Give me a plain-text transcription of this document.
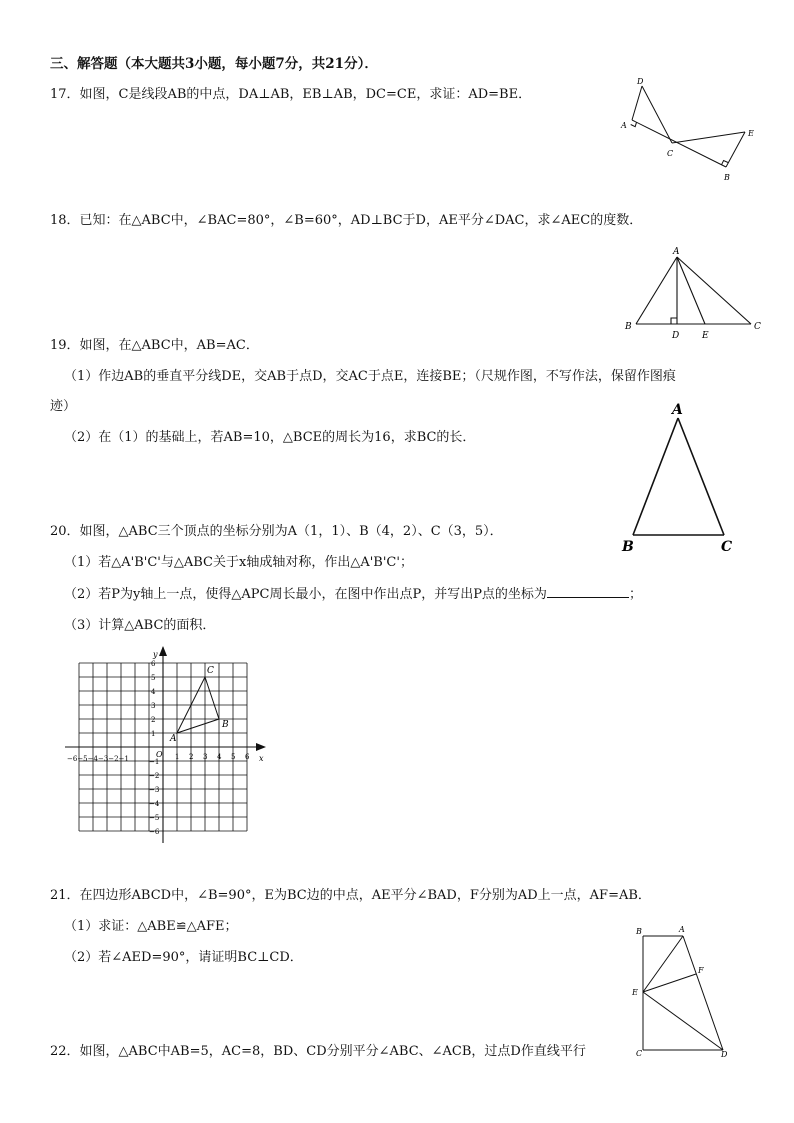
三、解答题（本大题共3小题，每小题7分，共21分）．
17．如图，C是线段AB的中点，DA⊥AB，EB⊥AB，DC=CE，求证：AD=BE．
18．已知：在△ABC中，∠BAC=80°，∠B=60°，AD⊥BC于D，AE平分∠DAC，求∠AEC的度数．
19．如图，在△ABC中，AB=AC．
（1）作边AB的垂直平分线DE，交AB于点D，交AC于点E，连接BE；（尺规作图，不写作法，保留作图痕
迹）
（2）在（1）的基础上，若AB=10，△BCE的周长为16，求BC的长．
20．如图，△ABC三个顶点的坐标分别为A（1，1）、B（4，2）、C（3，5）．
（1）若△A'B'C'与△ABC关于x轴成轴对称，作出△A'B'C'；
（2）若P为y轴上一点，使得△APC周长最小，在图中作出点P，并写出P点的坐标为	；
（3）计算△ABC的面积．
21．在四边形ABCD中，∠B=90°，E为BC边的中点，AE平分∠BAD，F分别为AD上一点，AF=AB．
（1）求证：△ABE≌△AFE；
（2）若∠AED=90°，请证明BC⊥CD．
22．如图，△ABC中AB=5，AC=8，BD、CD分别平分∠ABC、∠ACB，过点D作直线平行
D
A
C
E
B
A
B
D	E
C
A
B	C
y
x
O
−6−5−4−3−2−1	1 2 3 4 5 6
6
5
4
3
2
1
−1
−2
−3
−4
−5
−6
A
B
C
B	A
F
E
C	D
